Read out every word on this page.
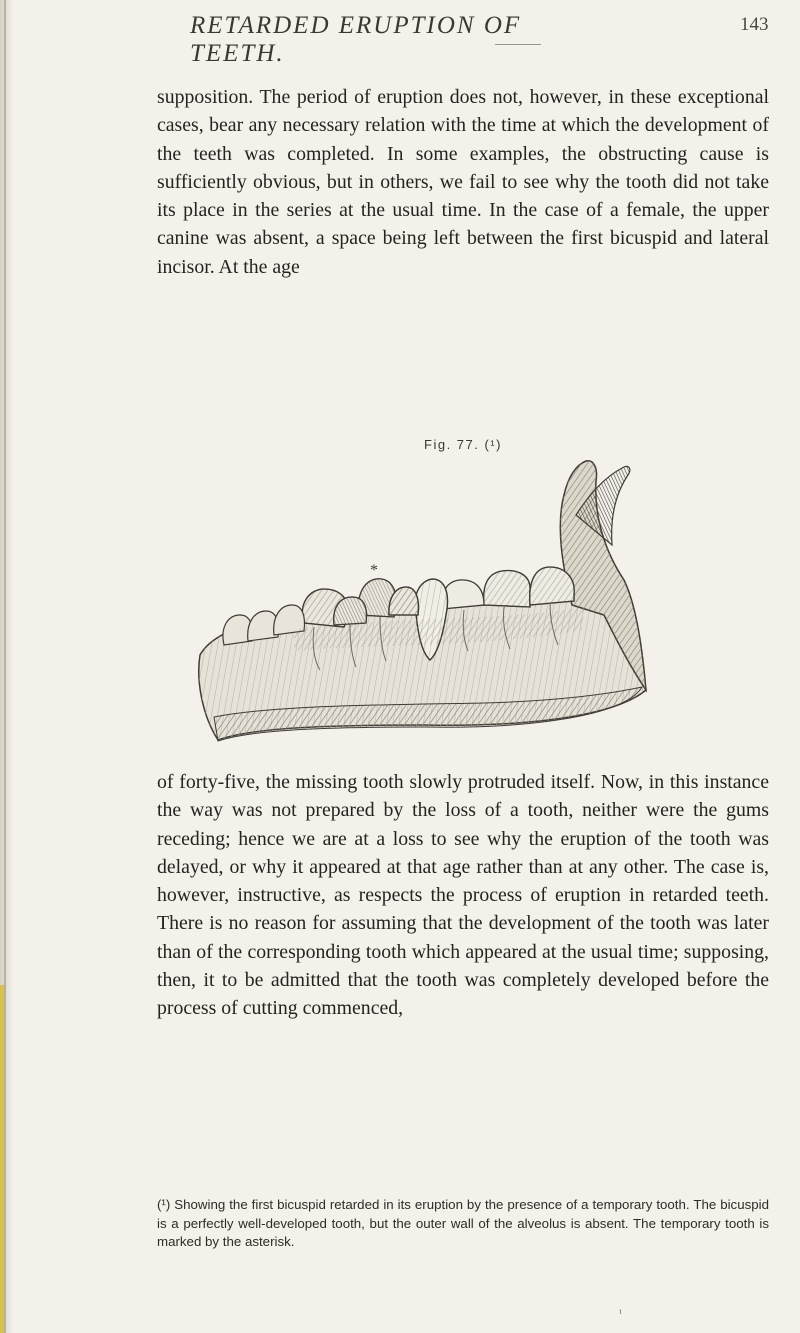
RETARDED ERUPTION OF TEETH.
143

supposition. The period of eruption does not, however, in these exceptional cases, bear any necessary relation with the time at which the development of the teeth was completed. In some examples, the obstructing cause is sufficiently obvious, but in others, we fail to see why the tooth did not take its place in the series at the usual time. In the case of a female, the upper canine was absent, a space being left between the first bicuspid and lateral incisor. At the age

Fig. 77. (¹)
*

of forty-five, the missing tooth slowly protruded itself. Now, in this instance the way was not prepared by the loss of a tooth, neither were the gums receding; hence we are at a loss to see why the eruption of the tooth was delayed, or why it appeared at that age rather than at any other. The case is, however, instructive, as respects the process of eruption in retarded teeth. There is no reason for assuming that the development of the tooth was later than of the corresponding tooth which appeared at the usual time; supposing, then, it to be admitted that the tooth was completely developed before the process of cutting commenced,

(¹) Showing the first bicuspid retarded in its eruption by the presence of a temporary tooth. The bicuspid is a perfectly well-developed tooth, but the outer wall of the alveolus is absent. The temporary tooth is marked by the asterisk.

¹
